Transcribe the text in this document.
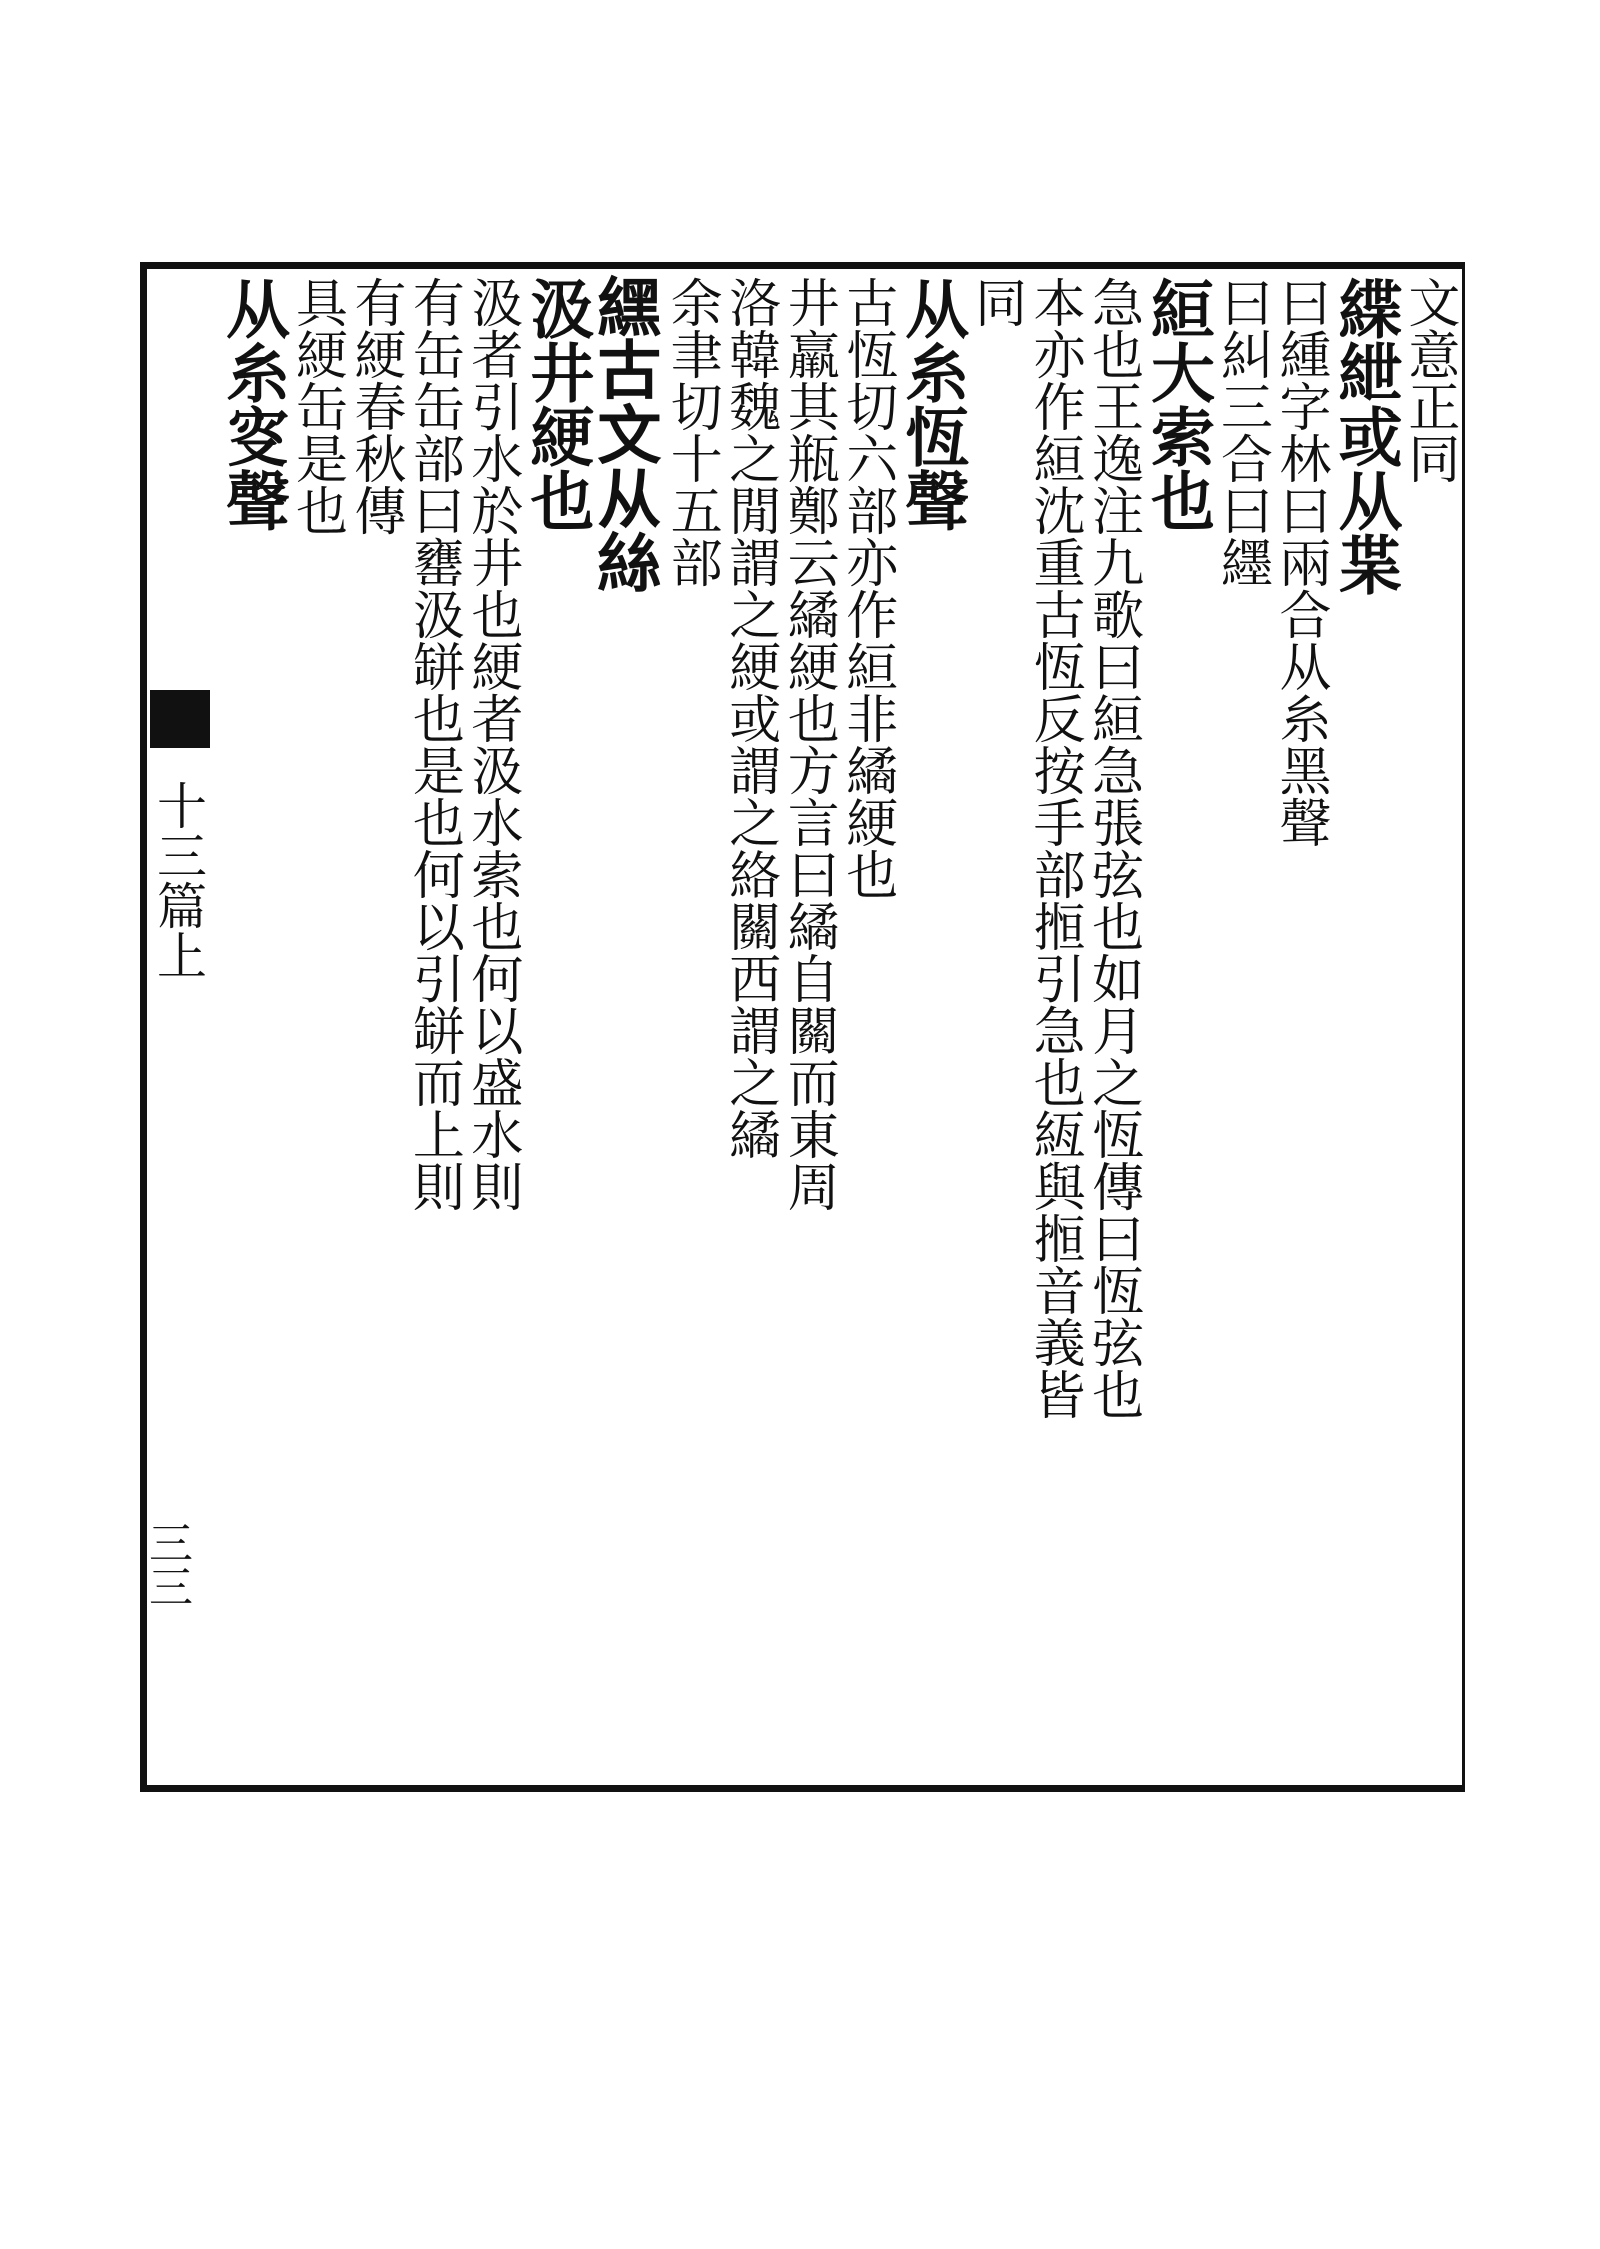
十三篇上
三三
文意正同
緤紲或从枼
曰緟字林曰兩合从糸黑聲
曰糾三合曰纆
絙大索也
急也王逸注九歌曰絙急張弦也如月之恆傳曰恆弦也
本亦作絙沈重古恆反按手部搄引急也絚與搄音義皆
同
从糸恆聲
古恆切六部亦作絙非繘綆也
井羸其瓶鄭云繘綆也方言曰繘自關而東周
洛韓魏之閒謂之綆或謂之絡關西謂之繘
余聿切十五部
𦄿古文从絲
汲井綆也
汲者引水於井也綆者汲水索也何以盛水則
有缶缶部曰罋汲缾也是也何以引缾而上則
有綆春秋傳
具綆缶是也
从糸叜聲
